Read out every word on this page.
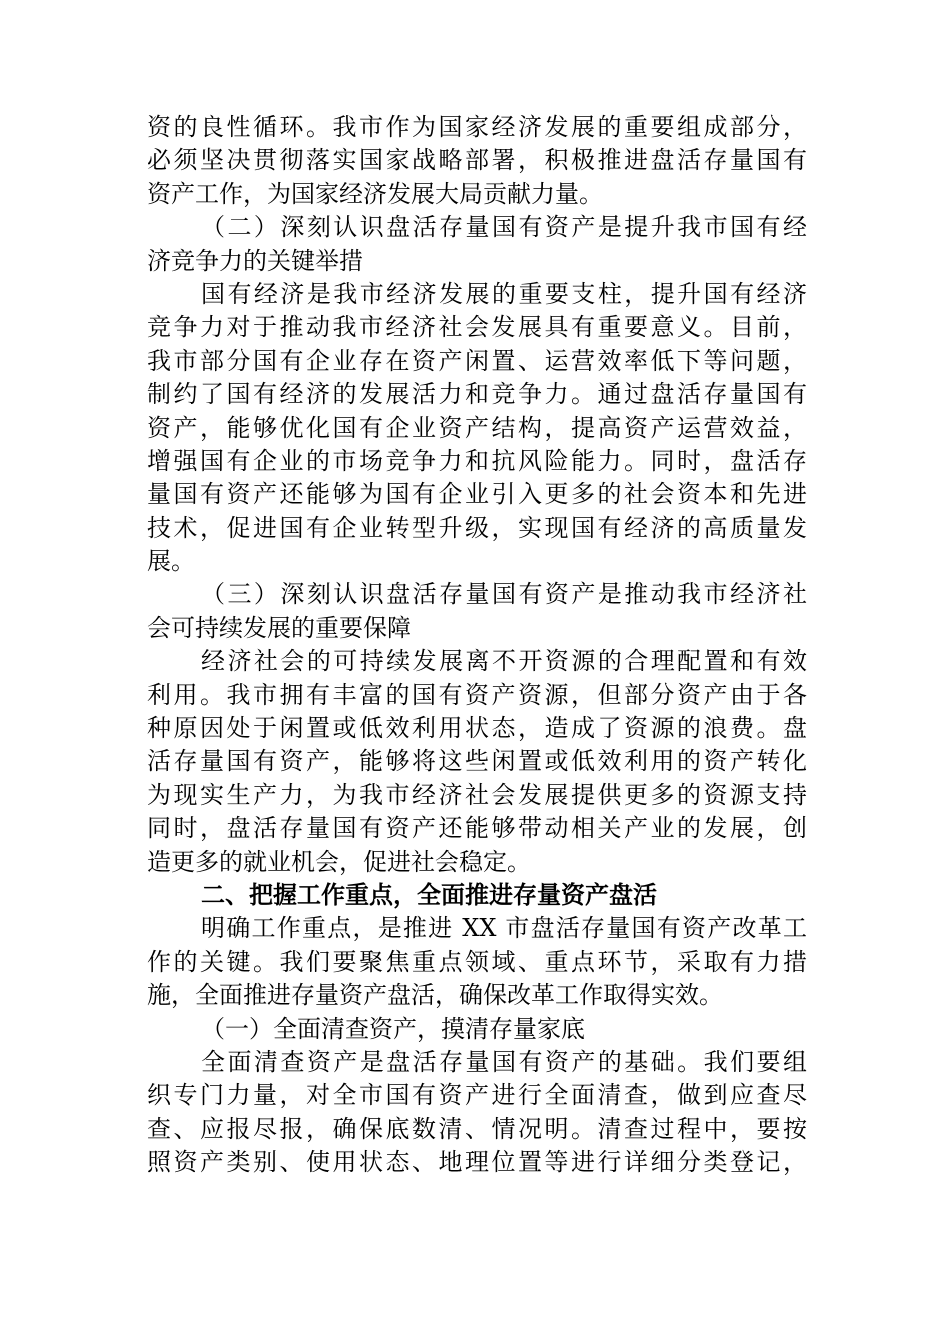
资的良性循环。我市作为国家经济发展的重要组成部分，
必须坚决贯彻落实国家战略部署，积极推进盘活存量国有
资产工作，为国家经济发展大局贡献力量。
（二）深刻认识盘活存量国有资产是提升我市国有经
济竞争力的关键举措
国有经济是我市经济发展的重要支柱，提升国有经济
竞争力对于推动我市经济社会发展具有重要意义。目前，
我市部分国有企业存在资产闲置、运营效率低下等问题，
制约了国有经济的发展活力和竞争力。通过盘活存量国有
资产，能够优化国有企业资产结构，提高资产运营效益，
增强国有企业的市场竞争力和抗风险能力。同时，盘活存
量国有资产还能够为国有企业引入更多的社会资本和先进
技术，促进国有企业转型升级，实现国有经济的高质量发
展。
（三）深刻认识盘活存量国有资产是推动我市经济社
会可持续发展的重要保障
经济社会的可持续发展离不开资源的合理配置和有效
利用。我市拥有丰富的国有资产资源，但部分资产由于各
种原因处于闲置或低效利用状态，造成了资源的浪费。盘
活存量国有资产，能够将这些闲置或低效利用的资产转化
为现实生产力，为我市经济社会发展提供更多的资源支持
同时，盘活存量国有资产还能够带动相关产业的发展，创
造更多的就业机会，促进社会稳定。
二、把握工作重点，全面推进存量资产盘活
明确工作重点，是推进 XX 市盘活存量国有资产改革工
作的关键。我们要聚焦重点领域、重点环节，采取有力措
施，全面推进存量资产盘活，确保改革工作取得实效。
（一）全面清查资产，摸清存量家底
全面清查资产是盘活存量国有资产的基础。我们要组
织专门力量，对全市国有资产进行全面清查，做到应查尽
查、应报尽报，确保底数清、情况明。清查过程中，要按
照资产类别、使用状态、地理位置等进行详细分类登记，
